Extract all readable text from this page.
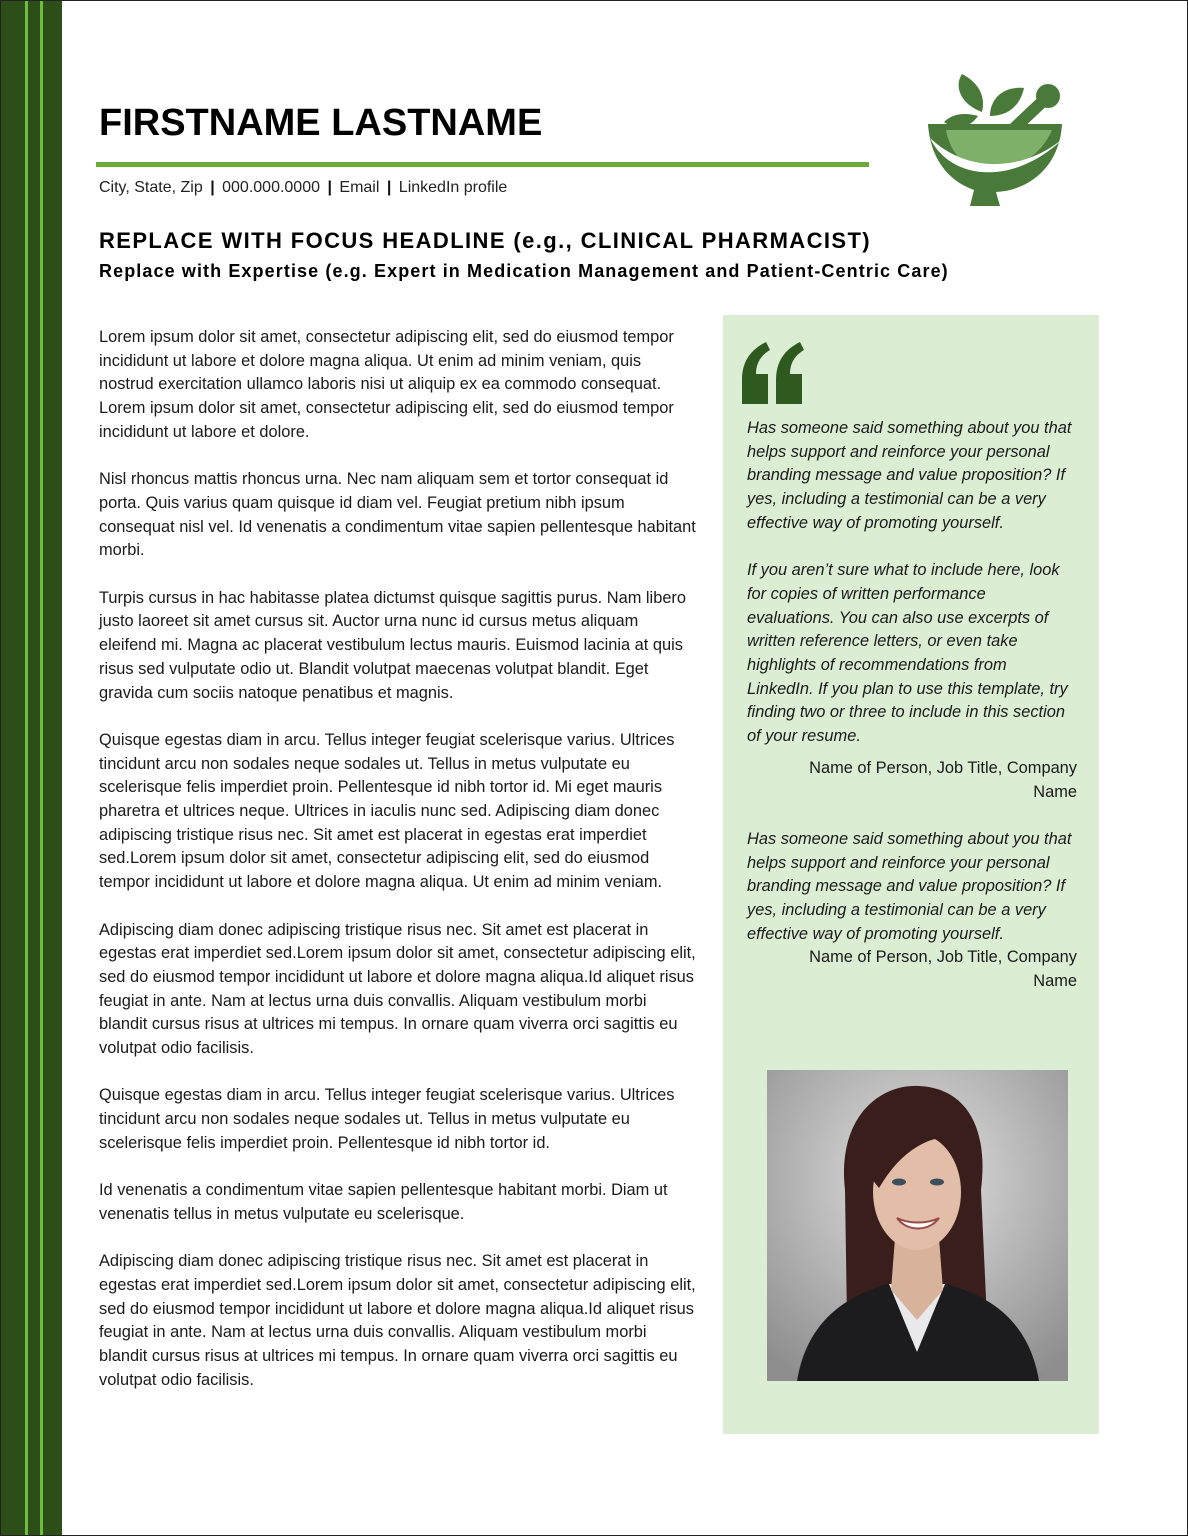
FIRSTNAME LASTNAME
City, State, Zip | 000.000.0000 | Email | LinkedIn profile
REPLACE WITH FOCUS HEADLINE (e.g., CLINICAL PHARMACIST)
Replace with Expertise (e.g. Expert in Medication Management and Patient-Centric Care)

Lorem ipsum dolor sit amet, consectetur adipiscing elit, sed do eiusmod tempor incididunt ut labore et dolore magna aliqua. Ut enim ad minim veniam, quis nostrud exercitation ullamco laboris nisi ut aliquip ex ea commodo consequat. Lorem ipsum dolor sit amet, consectetur adipiscing elit, sed do eiusmod tempor incididunt ut labore et dolore.

Nisl rhoncus mattis rhoncus urna. Nec nam aliquam sem et tortor consequat id porta. Quis varius quam quisque id diam vel. Feugiat pretium nibh ipsum consequat nisl vel. Id venenatis a condimentum vitae sapien pellentesque habitant morbi.

Turpis cursus in hac habitasse platea dictumst quisque sagittis purus. Nam libero justo laoreet sit amet cursus sit. Auctor urna nunc id cursus metus aliquam eleifend mi. Magna ac placerat vestibulum lectus mauris. Euismod lacinia at quis risus sed vulputate odio ut. Blandit volutpat maecenas volutpat blandit. Eget gravida cum sociis natoque penatibus et magnis.

Quisque egestas diam in arcu. Tellus integer feugiat scelerisque varius. Ultrices tincidunt arcu non sodales neque sodales ut. Tellus in metus vulputate eu scelerisque felis imperdiet proin. Pellentesque id nibh tortor id. Mi eget mauris pharetra et ultrices neque. Ultrices in iaculis nunc sed. Adipiscing diam donec adipiscing tristique risus nec. Sit amet est placerat in egestas erat imperdiet sed.Lorem ipsum dolor sit amet, consectetur adipiscing elit, sed do eiusmod tempor incididunt ut labore et dolore magna aliqua. Ut enim ad minim veniam.

Adipiscing diam donec adipiscing tristique risus nec. Sit amet est placerat in egestas erat imperdiet sed.Lorem ipsum dolor sit amet, consectetur adipiscing elit, sed do eiusmod tempor incididunt ut labore et dolore magna aliqua.Id aliquet risus feugiat in ante. Nam at lectus urna duis convallis. Aliquam vestibulum morbi blandit cursus risus at ultrices mi tempus. In ornare quam viverra orci sagittis eu volutpat odio facilisis.

Quisque egestas diam in arcu. Tellus integer feugiat scelerisque varius. Ultrices tincidunt arcu non sodales neque sodales ut. Tellus in metus vulputate eu scelerisque felis imperdiet proin. Pellentesque id nibh tortor id.

Id venenatis a condimentum vitae sapien pellentesque habitant morbi. Diam ut venenatis tellus in metus vulputate eu scelerisque.

Adipiscing diam donec adipiscing tristique risus nec. Sit amet est placerat in egestas erat imperdiet sed.Lorem ipsum dolor sit amet, consectetur adipiscing elit, sed do eiusmod tempor incididunt ut labore et dolore magna aliqua.Id aliquet risus feugiat in ante. Nam at lectus urna duis convallis. Aliquam vestibulum morbi blandit cursus risus at ultrices mi tempus. In ornare quam viverra orci sagittis eu volutpat odio facilisis.

Has someone said something about you that helps support and reinforce your personal branding message and value proposition? If yes, including a testimonial can be a very effective way of promoting yourself.

If you aren’t sure what to include here, look for copies of written performance evaluations. You can also use excerpts of written reference letters, or even take highlights of recommendations from LinkedIn. If you plan to use this template, try finding two or three to include in this section of your resume.

Name of Person, Job Title, Company Name

Has someone said something about you that helps support and reinforce your personal branding message and value proposition? If yes, including a testimonial can be a very effective way of promoting yourself.

Name of Person, Job Title, Company Name
